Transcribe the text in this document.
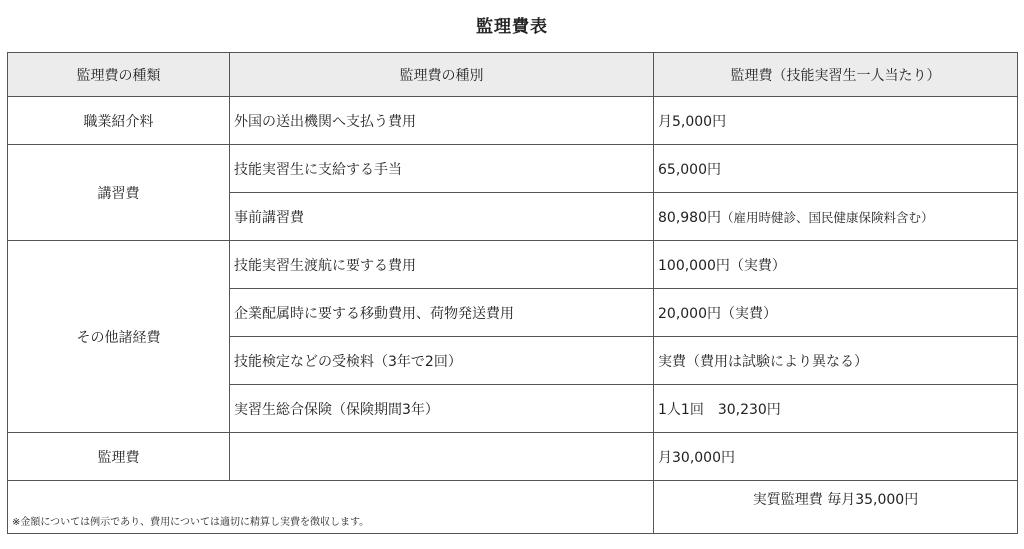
監理費表
監理費の種類	監理費の種別	監理費（技能実習生一人当たり）
職業紹介料	外国の送出機関へ支払う費用	月5,000円
講習費	技能実習生に支給する手当	65,000円
	事前講習費	80,980円（雇用時健診、国民健康保険料含む）
その他諸経費	技能実習生渡航に要する費用	100,000円（実費）
	企業配属時に要する移動費用、荷物発送費用	20,000円（実費）
	技能検定などの受検料（3年で2回）	実費（費用は試験により異なる）
	実習生総合保険（保険期間3年）	1人1回　30,230円
監理費		月30,000円
※金額については例示であり、費用については適切に精算し実費を徴収します。		実質監理費 毎月35,000円
